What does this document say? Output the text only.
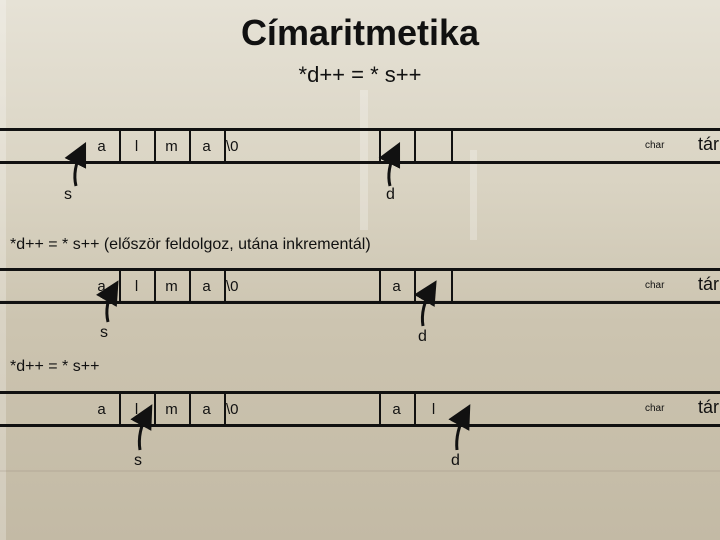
Címaritmetika
*d++ = * s++
a	l	m	a	\0	char tár
s	d
*d++ = * s++ (először feldolgoz, utána inkrementál)
a	l	m	a	\0	a	char tár
s	d
*d++ = * s++
a	l	m	a	\0	a	l	char tár
s	d
